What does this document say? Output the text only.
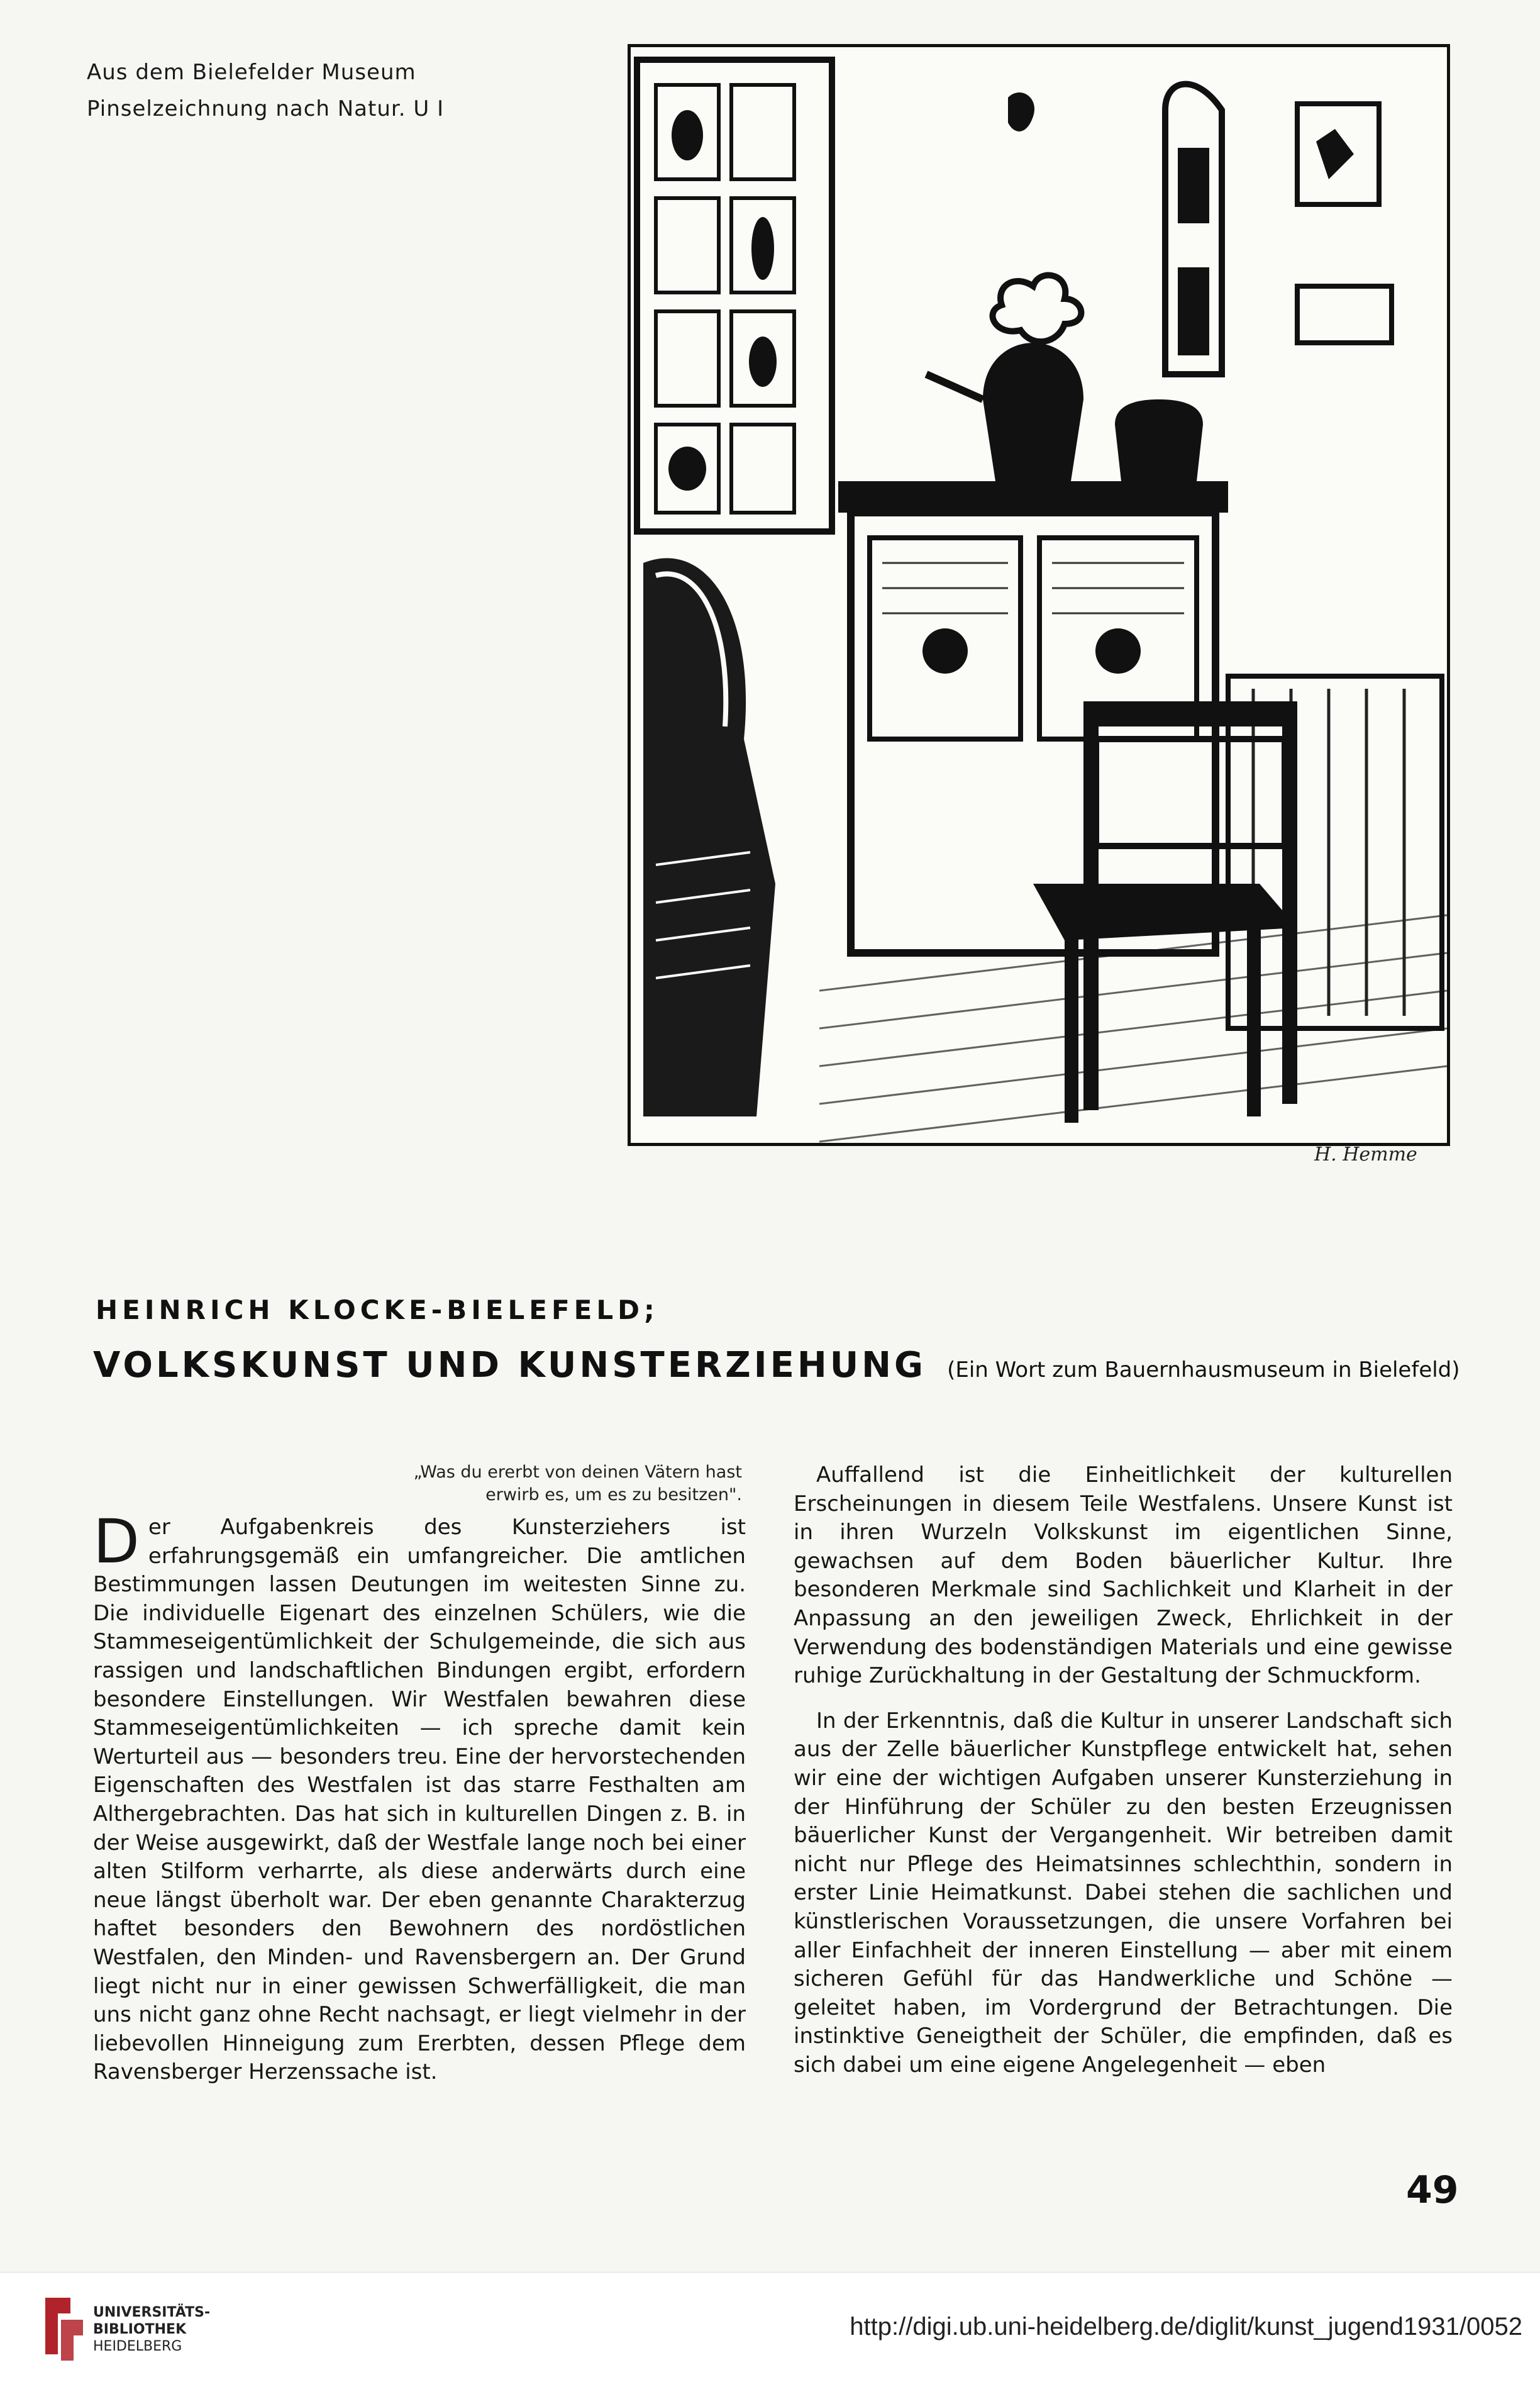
Aus dem Bielefelder Museum
Pinselzeichnung nach Natur. U I
H. Hemme
HEINRICH KLOCKE-BIELEFELD;
VOLKSKUNST UND KUNSTERZIEHUNG (Ein Wort zum Bauernhausmuseum in Bielefeld)
„Was du ererbt von deinen Vätern hast
erwirb es, um es zu besitzen".

Der Aufgabenkreis des Kunsterziehers ist erfahrungsgemäß ein umfangreicher. Die amtlichen Bestimmungen lassen Deutungen im weitesten Sinne zu. Die individuelle Eigenart des einzelnen Schülers, wie die Stammeseigentümlichkeit der Schulgemeinde, die sich aus rassigen und landschaftlichen Bindungen ergibt, erfordern besondere Einstellungen. Wir Westfalen bewahren diese Stammeseigentümlichkeiten — ich spreche damit kein Werturteil aus — besonders treu. Eine der hervorstechenden Eigenschaften des Westfalen ist das starre Festhalten am Althergebrachten. Das hat sich in kulturellen Dingen z. B. in der Weise ausgewirkt, daß der Westfale lange noch bei einer alten Stilform verharrte, als diese anderwärts durch eine neue längst überholt war. Der eben genannte Charakterzug haftet besonders den Bewohnern des nordöstlichen Westfalen, den Minden- und Ravensbergern an. Der Grund liegt nicht nur in einer gewissen Schwerfälligkeit, die man uns nicht ganz ohne Recht nachsagt, er liegt vielmehr in der liebevollen Hinneigung zum Ererbten, dessen Pflege dem Ravensberger Herzenssache ist.

Auffallend ist die Einheitlichkeit der kulturellen Erscheinungen in diesem Teile Westfalens. Unsere Kunst ist in ihren Wurzeln Volkskunst im eigentlichen Sinne, gewachsen auf dem Boden bäuerlicher Kultur. Ihre besonderen Merkmale sind Sachlichkeit und Klarheit in der Anpassung an den jeweiligen Zweck, Ehrlichkeit in der Verwendung des bodenständigen Materials und eine gewisse ruhige Zurückhaltung in der Gestaltung der Schmuckform.

In der Erkenntnis, daß die Kultur in unserer Landschaft sich aus der Zelle bäuerlicher Kunstpflege entwickelt hat, sehen wir eine der wichtigen Aufgaben unserer Kunsterziehung in der Hinführung der Schüler zu den besten Erzeugnissen bäuerlicher Kunst der Vergangenheit. Wir betreiben damit nicht nur Pflege des Heimatsinnes schlechthin, sondern in erster Linie Heimatkunst. Dabei stehen die sachlichen und künstlerischen Voraussetzungen, die unsere Vorfahren bei aller Einfachheit der inneren Einstellung — aber mit einem sicheren Gefühl für das Handwerkliche und Schöne — geleitet haben, im Vordergrund der Betrachtungen. Die instinktive Geneigtheit der Schüler, die empfinden, daß es sich dabei um eine eigene Angelegenheit — eben

49
UNIVERSITÄTS-
BIBLIOTHEK
HEIDELBERG
http://digi.ub.uni-heidelberg.de/diglit/kunst_jugend1931/0052
